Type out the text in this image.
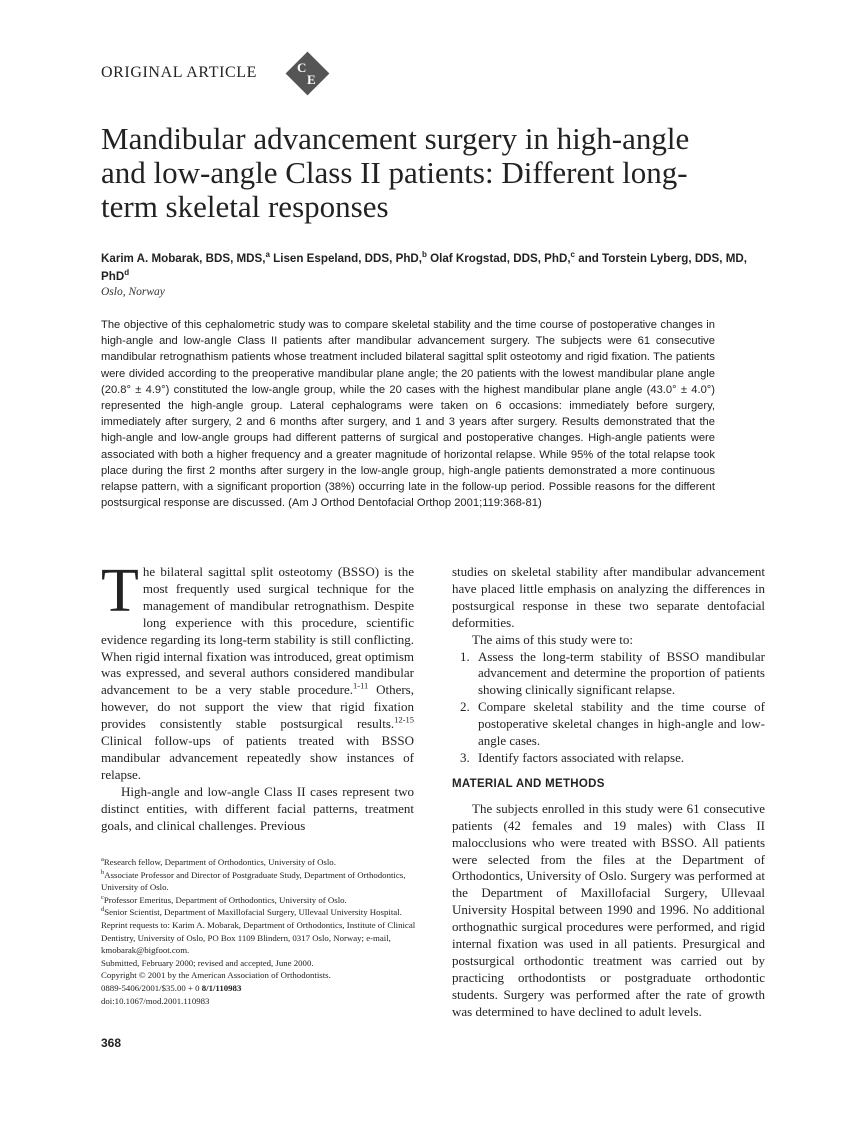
ORIGINAL ARTICLE	C
E
Mandibular advancement surgery in high-angle and low-angle Class II patients: Different long-term skeletal responses
Karim A. Mobarak, BDS, MDS,$^a$ Lisen Espeland, DDS, PhD,$^b$ Olaf Krogstad, DDS, PhD,$^c$ and Torstein Lyberg, DDS, MD, PhD$^d$
Oslo, Norway

The objective of this cephalometric study was to compare skeletal stability and the time course of postoperative changes in high-angle and low-angle Class II patients after mandibular advancement surgery. The subjects were 61 consecutive mandibular retrognathism patients whose treatment included bilateral sagittal split osteotomy and rigid fixation. The patients were divided according to the preoperative mandibular plane angle; the 20 patients with the lowest mandibular plane angle (20.8° ± 4.9°) constituted the low-angle group, while the 20 cases with the highest mandibular plane angle (43.0° ± 4.0°) represented the high-angle group. Lateral cephalograms were taken on 6 occasions: immediately before surgery, immediately after surgery, 2 and 6 months after surgery, and 1 and 3 years after surgery. Results demonstrated that the high-angle and low-angle groups had different patterns of surgical and postoperative changes. High-angle patients were associated with both a higher frequency and a greater magnitude of horizontal relapse. While 95% of the total relapse took place during the first 2 months after surgery in the low-angle group, high-angle patients demonstrated a more continuous relapse pattern, with a significant proportion (38%) occurring late in the follow-up period. Possible reasons for the different postsurgical response are discussed. (Am J Orthod Dentofacial Orthop 2001;119:368-81)

The bilateral sagittal split osteotomy (BSSO) is the most frequently used surgical technique for the management of mandibular retrognathism. Despite long experience with this procedure, scientific evidence regarding its long-term stability is still conflicting. When rigid internal fixation was introduced, great optimism was expressed, and several authors considered mandibular advancement to be a very stable procedure.$^{1-11}$ Others, however, do not support the view that rigid fixation provides consistently stable postsurgical results.$^{12-15}$ Clinical follow-ups of patients treated with BSSO mandibular advancement repeatedly show instances of relapse.

High-angle and low-angle Class II cases represent two distinct entities, with different facial patterns, treatment goals, and clinical challenges. Previous

studies on skeletal stability after mandibular advancement have placed little emphasis on analyzing the differences in postsurgical response in these two separate dentofacial deformities.

The aims of this study were to:

1. Assess the long-term stability of BSSO mandibular advancement and determine the proportion of patients showing clinically significant relapse.
2. Compare skeletal stability and the time course of postoperative skeletal changes in high-angle and low-angle cases.
3. Identify factors associated with relapse.
MATERIAL AND METHODS

The subjects enrolled in this study were 61 consecutive patients (42 females and 19 males) with Class II malocclusions who were treated with BSSO. All patients were selected from the files at the Department of Orthodontics, University of Oslo. Surgery was performed at the Department of Maxillofacial Surgery, Ullevaal University Hospital between 1990 and 1996. No additional orthognathic surgical procedures were performed, and rigid internal fixation was used in all patients. Presurgical and postsurgical orthodontic treatment was carried out by practicing orthodontists or postgraduate orthodontic students. Surgery was performed after the rate of growth was determined to have declined to adult levels.

$^a$Research fellow, Department of Orthodontics, University of Oslo.
$^b$Associate Professor and Director of Postgraduate Study, Department of Orthodontics, University of Oslo.
$^c$Professor Emeritus, Department of Orthodontics, University of Oslo.
$^d$Senior Scientist, Department of Maxillofacial Surgery, Ullevaal University Hospital.
Reprint requests to: Karim A. Mobarak, Department of Orthodontics, Institute of Clinical Dentistry, University of Oslo, PO Box 1109 Blindern, 0317 Oslo, Norway; e-mail, kmobarak@bigfoot.com.
Submitted, February 2000; revised and accepted, June 2000.
Copyright © 2001 by the American Association of Orthodontists.
0889-5406/2001/$35.00 + 0 8/1/110983
doi:10.1067/mod.2001.110983
368
